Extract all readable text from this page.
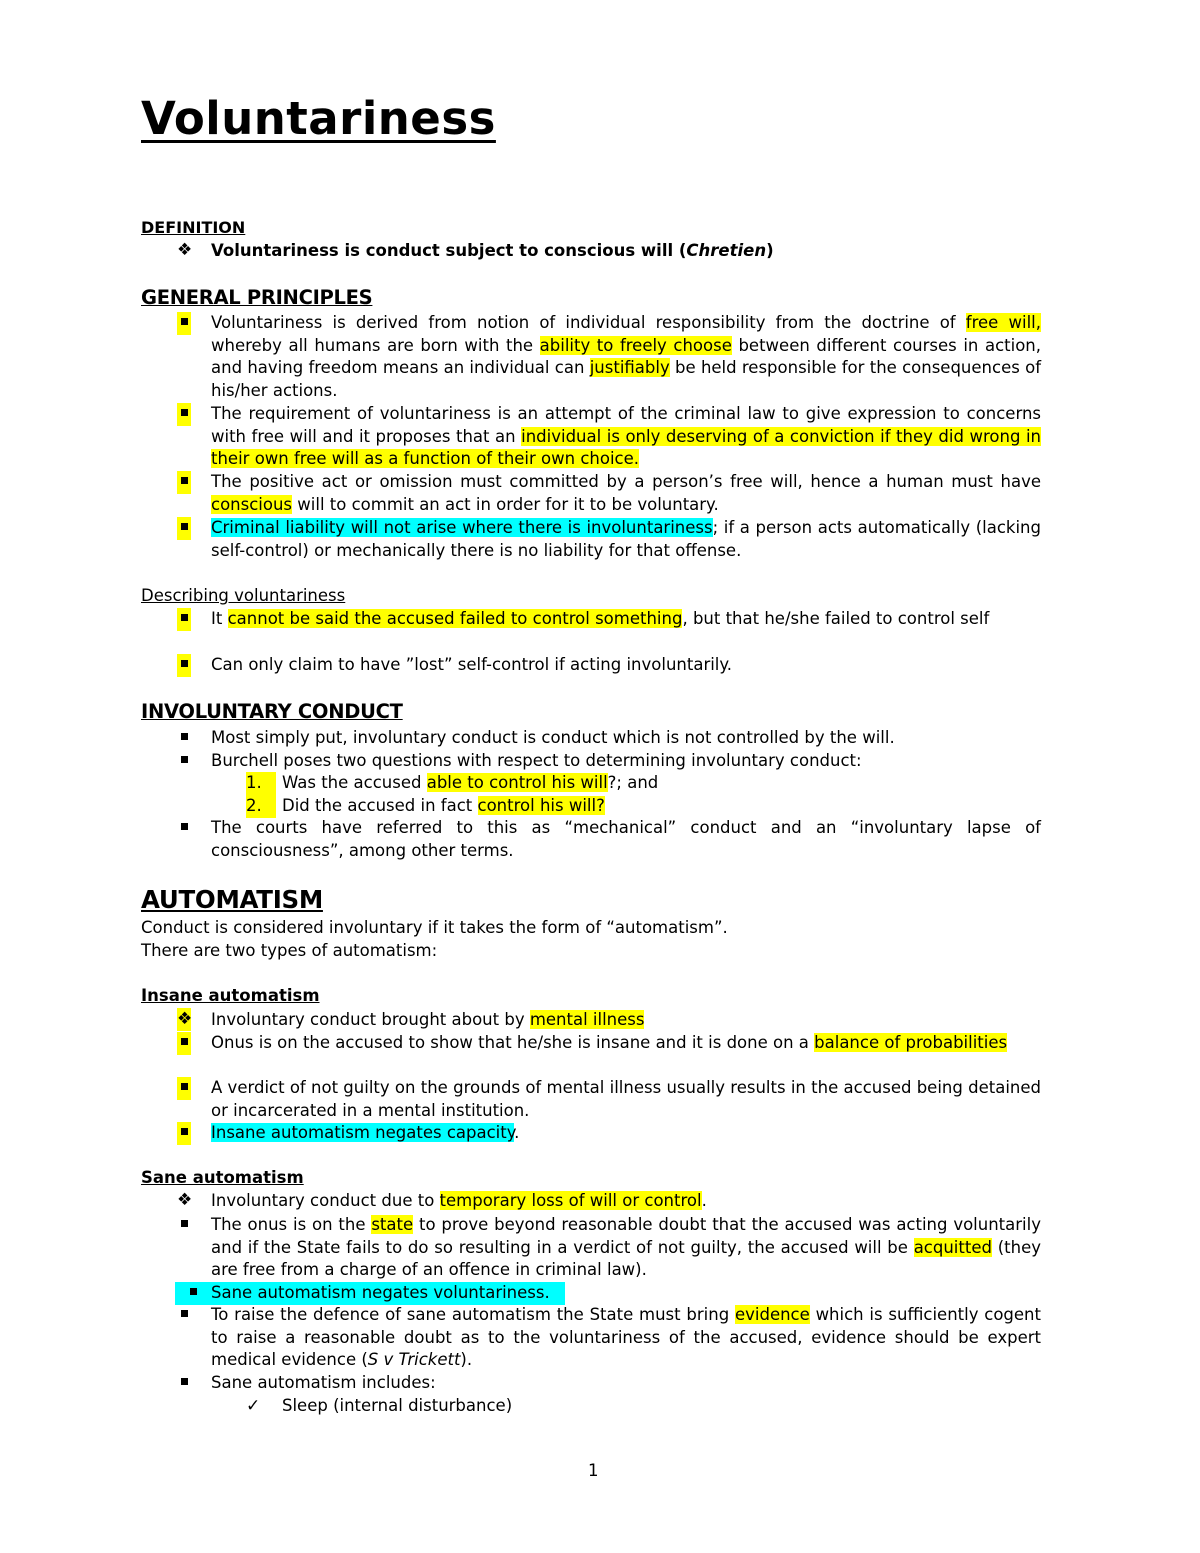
Voluntariness
DEFINITION
❖ Voluntariness is conduct subject to conscious will (Chretien)
GENERAL PRINCIPLES
Voluntariness is derived from notion of individual responsibility from the doctrine of free will, whereby all humans are born with the ability to freely choose between different courses in action, and having freedom means an individual can justifiably be held responsible for the consequences of his/her actions.
The requirement of voluntariness is an attempt of the criminal law to give expression to concerns with free will and it proposes that an individual is only deserving of a conviction if they did wrong in their own free will as a function of their own choice.
The positive act or omission must committed by a person’s free will, hence a human must have conscious will to commit an act in order for it to be voluntary.
Criminal liability will not arise where there is involuntariness; if a person acts automatically (lacking self-control) or mechanically there is no liability for that offense.
Describing voluntariness
It cannot be said the accused failed to control something, but that he/she failed to control self
Can only claim to have ”lost” self-control if acting involuntarily.
INVOLUNTARY CONDUCT
Most simply put, involuntary conduct is conduct which is not controlled by the will.
Burchell poses two questions with respect to determining involuntary conduct:
1.	Was the accused able to control his will?; and
2.	Did the accused in fact control his will?
The courts have referred to this as “mechanical” conduct and an “involuntary lapse of consciousness”, among other terms.
AUTOMATISM
Conduct is considered involuntary if it takes the form of “automatism”.
There are two types of automatism:
Insane automatism
❖ Involuntary conduct brought about by mental illness
Onus is on the accused to show that he/she is insane and it is done on a balance of probabilities
A verdict of not guilty on the grounds of mental illness usually results in the accused being detained or incarcerated in a mental institution.
Insane automatism negates capacity.
Sane automatism
❖ Involuntary conduct due to temporary loss of will or control.
The onus is on the state to prove beyond reasonable doubt that the accused was acting voluntarily and if the State fails to do so resulting in a verdict of not guilty, the accused will be acquitted (they are free from a charge of an offence in criminal law).
Sane automatism negates voluntariness.
To raise the defence of sane automatism the State must bring evidence which is sufficiently cogent to raise a reasonable doubt as to the voluntariness of the accused, evidence should be expert medical evidence (S v Trickett).
Sane automatism includes:
✓ Sleep (internal disturbance)
1
